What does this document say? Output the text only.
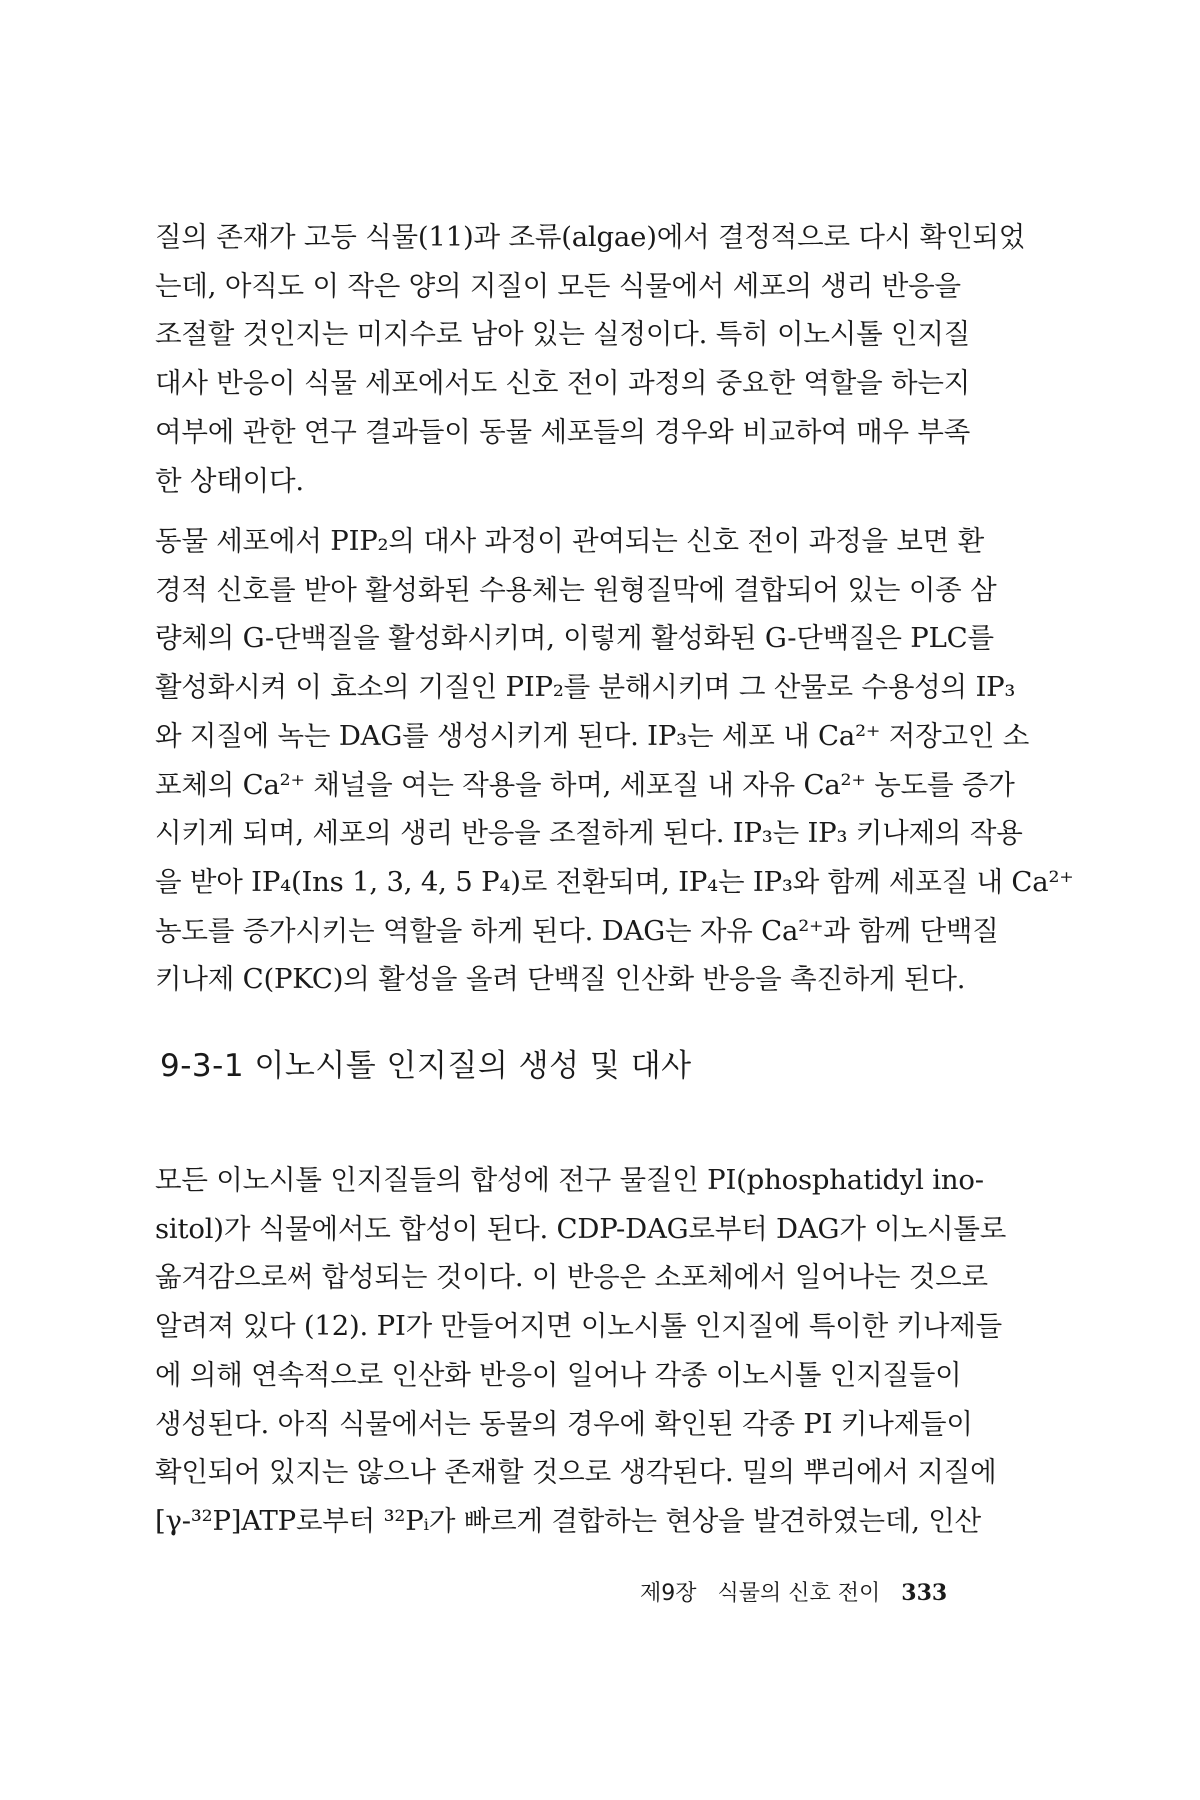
질의 존재가 고등 식물(11)과 조류(algae)에서 결정적으로 다시 확인되었
는데, 아직도 이 작은 양의 지질이 모든 식물에서 세포의 생리 반응을
조절할 것인지는 미지수로 남아 있는 실정이다. 특히 이노시톨 인지질
대사 반응이 식물 세포에서도 신호 전이 과정의 중요한 역할을 하는지
여부에 관한 연구 결과들이 동물 세포들의 경우와 비교하여 매우 부족
한 상태이다.
동물 세포에서 PIP₂의 대사 과정이 관여되는 신호 전이 과정을 보면 환
경적 신호를 받아 활성화된 수용체는 원형질막에 결합되어 있는 이종 삼
량체의 G-단백질을 활성화시키며, 이렇게 활성화된 G-단백질은 PLC를
활성화시켜 이 효소의 기질인 PIP₂를 분해시키며 그 산물로 수용성의 IP₃
와 지질에 녹는 DAG를 생성시키게 된다. IP₃는 세포 내 Ca²⁺ 저장고인 소
포체의 Ca²⁺ 채널을 여는 작용을 하며, 세포질 내 자유 Ca²⁺ 농도를 증가
시키게 되며, 세포의 생리 반응을 조절하게 된다. IP₃는 IP₃ 키나제의 작용
을 받아 IP₄(Ins 1, 3, 4, 5 P₄)로 전환되며, IP₄는 IP₃와 함께 세포질 내 Ca²⁺
농도를 증가시키는 역할을 하게 된다. DAG는 자유 Ca²⁺과 함께 단백질
키나제 C(PKC)의 활성을 올려 단백질 인산화 반응을 촉진하게 된다.
9-3-1 이노시톨 인지질의 생성 및 대사
모든 이노시톨 인지질들의 합성에 전구 물질인 PI(phosphatidyl ino-
sitol)가 식물에서도 합성이 된다. CDP-DAG로부터 DAG가 이노시톨로
옮겨감으로써 합성되는 것이다. 이 반응은 소포체에서 일어나는 것으로
알려져 있다 (12). PI가 만들어지면 이노시톨 인지질에 특이한 키나제들
에 의해 연속적으로 인산화 반응이 일어나 각종 이노시톨 인지질들이
생성된다. 아직 식물에서는 동물의 경우에 확인된 각종 PI 키나제들이
확인되어 있지는 않으나 존재할 것으로 생각된다. 밀의 뿌리에서 지질에
[γ-³²P]ATP로부터 ³²Pᵢ가 빠르게 결합하는 현상을 발견하였는데, 인산
제9장 식물의 신호 전이 333
